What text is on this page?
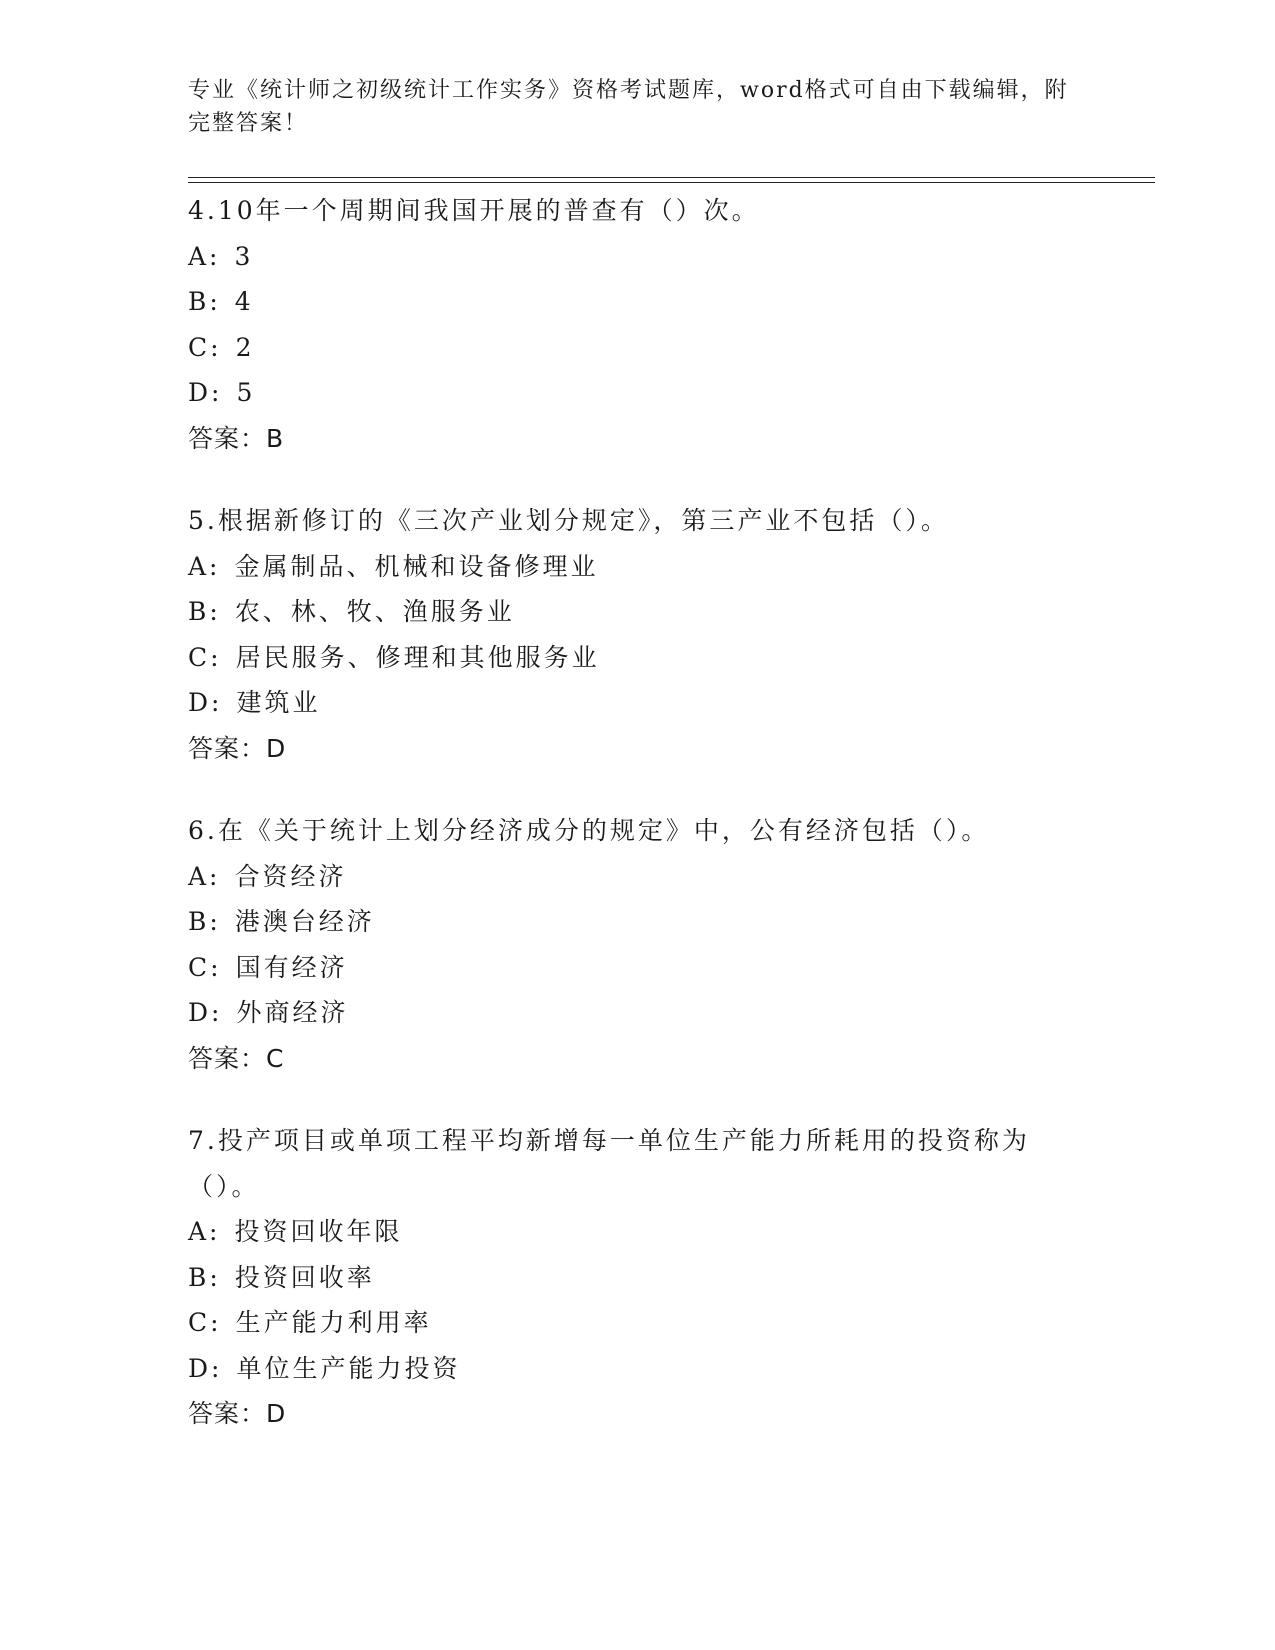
专业《统计师之初级统计工作实务》资格考试题库，word格式可自由下载编辑，附完整答案！
4.10年一个周期间我国开展的普查有（）次。
A: 3
B: 4
C: 2
D: 5
答案：B
5.根据新修订的《三次产业划分规定》，第三产业不包括（）。
A: 金属制品、机械和设备修理业
B: 农、林、牧、渔服务业
C: 居民服务、修理和其他服务业
D: 建筑业
答案：D
6.在《关于统计上划分经济成分的规定》中，公有经济包括（）。
A: 合资经济
B: 港澳台经济
C: 国有经济
D: 外商经济
答案：C
7.投产项目或单项工程平均新增每一单位生产能力所耗用的投资称为（）。
A: 投资回收年限
B: 投资回收率
C: 生产能力利用率
D: 单位生产能力投资
答案：D
